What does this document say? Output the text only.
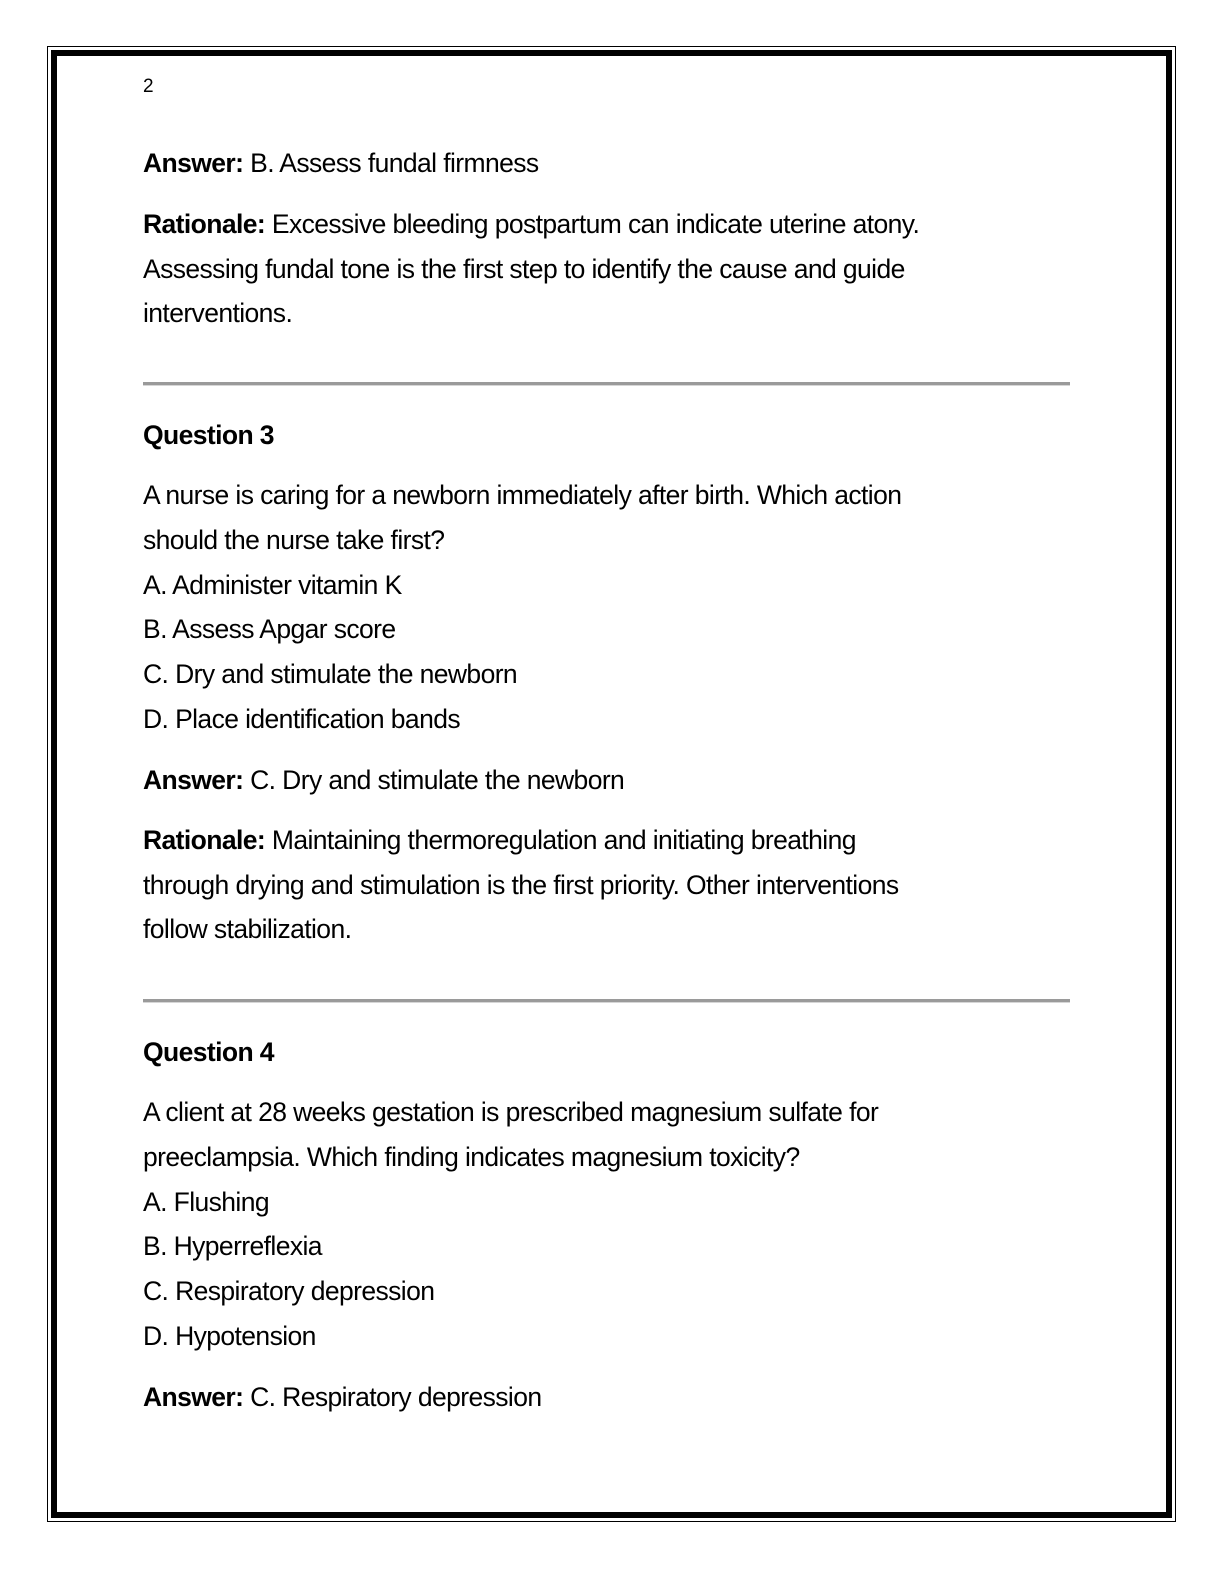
2
Answer: B. Assess fundal firmness
Rationale: Excessive bleeding postpartum can indicate uterine atony.
Assessing fundal tone is the first step to identify the cause and guide
interventions.
Question 3
A nurse is caring for a newborn immediately after birth. Which action
should the nurse take first?
A. Administer vitamin K
B. Assess Apgar score
C. Dry and stimulate the newborn
D. Place identification bands
Answer: C. Dry and stimulate the newborn
Rationale: Maintaining thermoregulation and initiating breathing
through drying and stimulation is the first priority. Other interventions
follow stabilization.
Question 4
A client at 28 weeks gestation is prescribed magnesium sulfate for
preeclampsia. Which finding indicates magnesium toxicity?
A. Flushing
B. Hyperreflexia
C. Respiratory depression
D. Hypotension
Answer: C. Respiratory depression
